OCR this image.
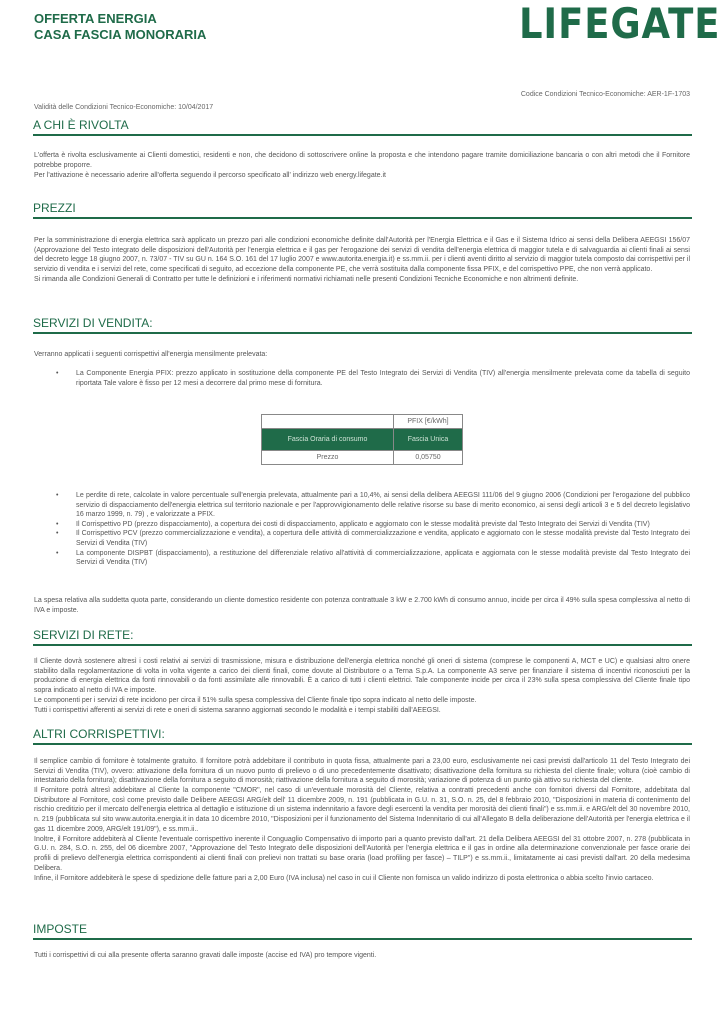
OFFERTA ENERGIA
CASA FASCIA MONORARIA	LIFEGATE
Codice Condizioni Tecnico-Economiche: AER-1F-1703
Validità delle Condizioni Tecnico-Economiche: 10/04/2017
A CHI È RIVOLTA

L'offerta è rivolta esclusivamente ai Clienti domestici, residenti e non, che decidono di sottoscrivere online la proposta e che intendono pagare tramite domiciliazione bancaria o con altri metodi che il Fornitore potrebbe proporre.

Per l'attivazione è necessario aderire all'offerta seguendo il percorso specificato all' indirizzo web energy.lifegate.it

PREZZI

Per la somministrazione di energia elettrica sarà applicato un prezzo pari alle condizioni economiche definite dall'Autorità per l'Energia Elettrica e il Gas e il Sistema Idrico ai sensi della Delibera AEEGSI 156/07 (Approvazione del Testo integrato delle disposizioni dell'Autorità per l'energia elettrica e il gas per l'erogazione dei servizi di vendita dell'energia elettrica di maggior tutela e di salvaguardia ai clienti finali ai sensi del decreto legge 18 giugno 2007, n. 73/07 - TIV su GU n. 164 S.O. 161 del 17 luglio 2007 e www.autorita.energia.it) e ss.mm.ii. per i clienti aventi diritto al servizio di maggior tutela composto dai corrispettivi per il servizio di vendita e i servizi del rete, come specificati di seguito, ad eccezione della componente PE, che verrà sostituita dalla componente fissa PFIX, e del corrispettivo PPE, che non verrà applicato.

Si rimanda alle Condizioni Generali di Contratto per tutte le definizioni e i riferimenti normativi richiamati nelle presenti Condizioni Tecniche Economiche e non altrimenti definite.

SERVIZI DI VENDITA:
Verranno applicati i seguenti corrispettivi all'energia mensilmente prelevata:
• La Componente Energia PFIX: prezzo applicato in sostituzione della componente PE del Testo Integrato dei Servizi di Vendita (TIV) all'energia mensilmente prelevata come da tabella di seguito riportata Tale valore è fisso per 12 mesi a decorrere dal primo mese di fornitura.
	PFIX [€/kWh]
Fascia Oraria di consumo	Fascia Unica
Prezzo	0,05750
• Le perdite di rete, calcolate in valore percentuale sull'energia prelevata, attualmente pari a 10,4%, ai sensi della delibera AEEGSI 111/06 del 9 giugno 2006 (Condizioni per l'erogazione del pubblico servizio di dispacciamento dell'energia elettrica sul territorio nazionale e per l'approvvigionamento delle relative risorse su base di merito economico, ai sensi degli articoli 3 e 5 del decreto legislativo 16 marzo 1999, n. 79) , e valorizzate a PFIX.
• Il Corrispettivo PD (prezzo dispacciamento), a copertura dei costi di dispacciamento, applicato e aggiornato con le stesse modalità previste dal Testo Integrato dei Servizi di Vendita (TIV)
• Il Corrispettivo PCV (prezzo commercializzazione e vendita), a copertura delle attività di commercializzazione e vendita, applicato e aggiornato con le stesse modalità previste dal Testo Integrato dei Servizi di Vendita (TIV)
• La componente DISPBT (dispacciamento), a restituzione del differenziale relativo all'attività di commercializzazione, applicata e aggiornata con le stesse modalità previste dal Testo Integrato dei Servizi di Vendita (TIV)
La spesa relativa alla suddetta quota parte, considerando un cliente domestico residente con potenza contrattuale 3 kW e 2.700 kWh di consumo annuo, incide per circa il 49% sulla spesa complessiva al netto di IVA e imposte.
SERVIZI DI RETE:

Il Cliente dovrà sostenere altresì i costi relativi ai servizi di trasmissione, misura e distribuzione dell'energia elettrica nonché gli oneri di sistema (comprese le componenti A, MCT e UC) e qualsiasi altro onere stabilito dalla regolamentazione di volta in volta vigente a carico dei clienti finali, come dovute al Distributore o a Terna S.p.A. La componente A3 serve per finanziare il sistema di incentivi riconosciuti per la produzione di energia elettrica da fonti rinnovabili o da fonti assimilate alle rinnovabili. È a carico di tutti i clienti elettrici. Tale componente incide per circa il 23% sulla spesa complessiva del Cliente finale tipo sopra indicato al netto di IVA e imposte.

Le componenti per i servizi di rete incidono per circa il 51% sulla spesa complessiva del Cliente finale tipo sopra indicato al netto delle imposte.

Tutti i corrispettivi afferenti ai servizi di rete e oneri di sistema saranno aggiornati secondo le modalità e i tempi stabiliti dall'AEEGSI.

ALTRI CORRISPETTIVI:

Il semplice cambio di fornitore è totalmente gratuito. Il fornitore potrà addebitare il contributo in quota fissa, attualmente pari a 23,00 euro, esclusivamente nei casi previsti dall'articolo 11 del Testo Integrato dei Servizi di Vendita (TIV), ovvero: attivazione della fornitura di un nuovo punto di prelievo o di uno precedentemente disattivato; disattivazione della fornitura su richiesta del cliente finale; voltura (cioè cambio di intestatario della fornitura); disattivazione della fornitura a seguito di morosità; riattivazione della fornitura a seguito di morosità; variazione di potenza di un punto già attivo su richiesta del cliente.

Il Fornitore potrà altresì addebitare al Cliente la componente "CMOR", nel caso di un'eventuale morosità del Cliente, relativa a contratti precedenti anche con fornitori diversi dal Fornitore, addebitata dal Distributore al Fornitore, così come previsto dalle Delibere AEEGSI ARG/elt dell' 11 dicembre 2009, n. 191 (pubblicata in G.U. n. 31, S.O. n. 25, del 8 febbraio 2010, "Disposizioni in materia di contenimento del rischio creditizio per il mercato dell'energia elettrica al dettaglio e istituzione di un sistema indennitario a favore degli esercenti la vendita per morosità dei clienti finali") e ss.mm.ii. e ARG/elt del 30 novembre 2010, n. 219 (pubblicata sul sito www.autorita.energia.it in data 10 dicembre 2010, "Disposizioni per il funzionamento del Sistema Indennitario di cui all'Allegato B della deliberazione dell'Autorità per l'energia elettrica e il gas 11 dicembre 2009, ARG/elt 191/09"), e ss.mm.ii..

Inoltre, il Fornitore addebiterà al Cliente l'eventuale corrispettivo inerente il Conguaglio Compensativo di importo pari a quanto previsto dall'art. 21 della Delibera AEEGSI del 31 ottobre 2007, n. 278 (pubblicata in G.U. n. 284, S.O. n. 255, del 06 dicembre 2007, "Approvazione del Testo Integrato delle disposizioni dell'Autorità per l'energia elettrica e il gas in ordine alla determinazione convenzionale per fasce orarie dei profili di prelievo dell'energia elettrica corrispondenti ai clienti finali con prelievi non trattati su base oraria (load profiling per fasce) – TILP") e ss.mm.ii., limitatamente ai casi previsti dall'art. 20 della medesima Delibera.

Infine, il Fornitore addebiterà le spese di spedizione delle fatture pari a 2,00 Euro (IVA inclusa) nel caso in cui il Cliente non fornisca un valido indirizzo di posta elettronica o abbia scelto l'invio cartaceo.

IMPOSTE
Tutti i corrispettivi di cui alla presente offerta saranno gravati dalle imposte (accise ed IVA) pro tempore vigenti.
